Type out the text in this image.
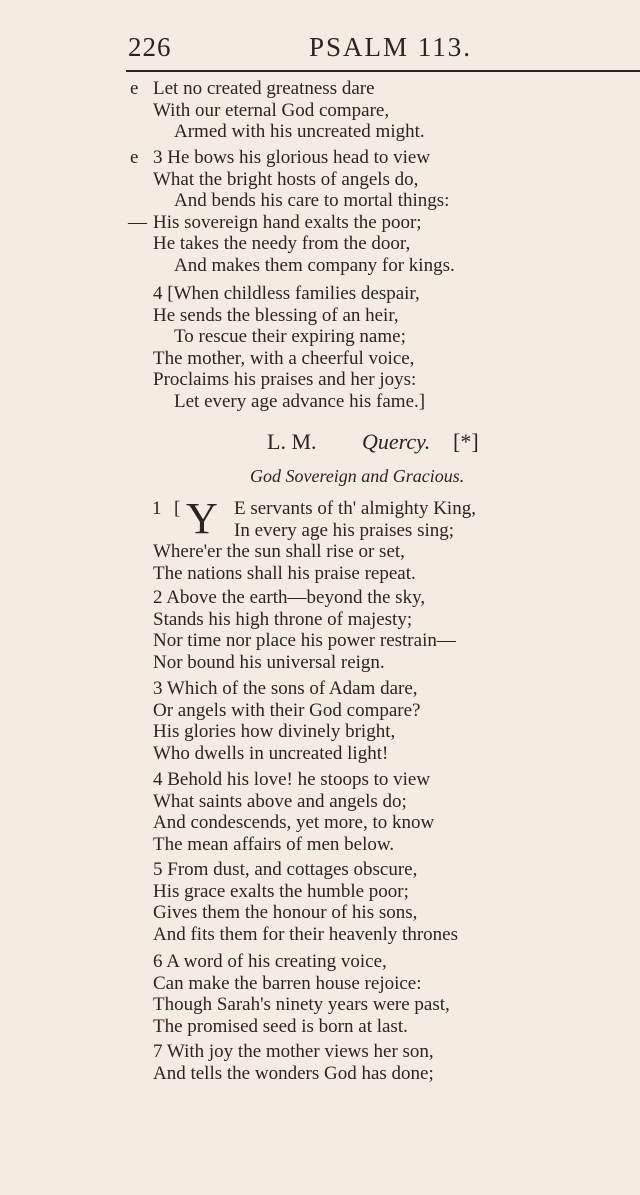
226	PSALM 113.
e Let no created greatness dare
With our eternal God compare,
Armed with his uncreated might.
e 3 He bows his glorious head to view
What the bright hosts of angels do,
And bends his care to mortal things:
— His sovereign hand exalts the poor;
He takes the needy from the door,
And makes them company for kings.
4 [When childless families despair,
He sends the blessing of an heir,
To rescue their expiring name;
The mother, with a cheerful voice,
Proclaims his praises and her joys:
Let every age advance his fame.]
L. M. Quercy. [*]
God Sovereign and Gracious.
1 [	E servants of th' almighty King,
In every age his praises sing;
Where'er the sun shall rise or set,
The nations shall his praise repeat.
Y
2 Above the earth—beyond the sky,
Stands his high throne of majesty;
Nor time nor place his power restrain—
Nor bound his universal reign.
3 Which of the sons of Adam dare,
Or angels with their God compare?
His glories how divinely bright,
Who dwells in uncreated light!
4 Behold his love! he stoops to view
What saints above and angels do;
And condescends, yet more, to know
The mean affairs of men below.
5 From dust, and cottages obscure,
His grace exalts the humble poor;
Gives them the honour of his sons,
And fits them for their heavenly thrones
6 A word of his creating voice,
Can make the barren house rejoice:
Though Sarah's ninety years were past,
The promised seed is born at last.
7 With joy the mother views her son,
And tells the wonders God has done;
